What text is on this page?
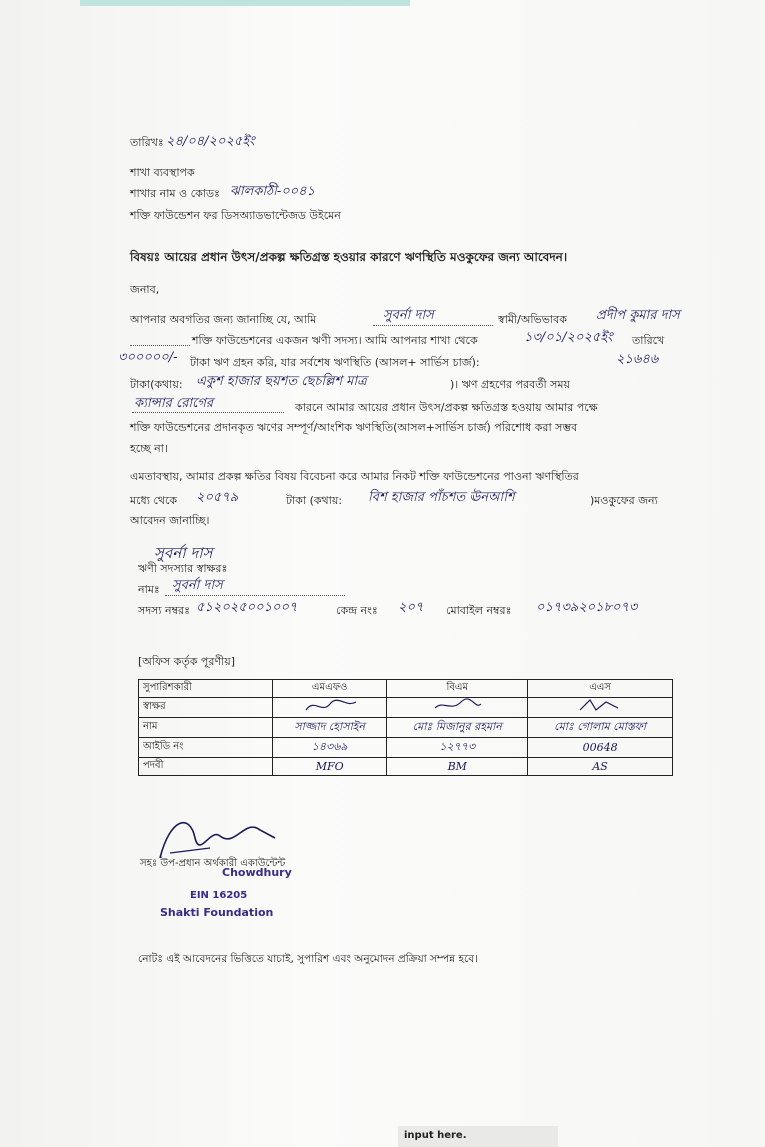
তারিখঃ ২৪/০৪/২০২৫ইং
শাখা ব্যবস্থাপক
শাখার নাম ও কোডঃ ঝালকাঠী-০০৪১
শক্তি ফাউন্ডেশন ফর ডিসঅ্যাডভান্টেজড উইমেন
বিষয়ঃ আয়ের প্রধান উৎস/প্রকল্প ক্ষতিগ্রস্ত হওয়ার কারণে ঋণস্থিতি মওকুফের জন্য আবেদন।
জনাব,
আপনার অবগতির জন্য জানাচ্ছি যে, আমি	সুবর্না দাস	স্বামী/অভিভাবক প্রদীপ কুমার দাস
শক্তি ফাউন্ডেশনের একজন ঋণী সদস্য। আমি আপনার শাখা থেকে	১৩/০১/২০২৫ইং তারিখে
৩০০০০০/- টাকা ঋণ গ্রহন করি, যার সর্বশেষ ঋণস্থিতি (আসল+ সার্ভিস চার্জ):	২১৬৪৬
টাকা(কথায়: একুশ হাজার ছয়শত ছেচল্লিশ মাত্র	)। ঋণ গ্রহণের পরবর্তী সময়
ক্যান্সার রোগের	কারনে আমার আয়ের প্রধান উৎস/প্রকল্প ক্ষতিগ্রস্ত হওয়ায় আমার পক্ষে
শক্তি ফাউন্ডেশনের প্রদানকৃত ঋণের সম্পূর্ণ/আংশিক ঋণস্থিতি(আসল+সার্ভিস চার্জ) পরিশোধ করা সম্ভব
হচ্ছে না।
এমতাবস্থায়, আমার প্রকল্প ক্ষতির বিষয় বিবেচনা করে আমার নিকট শক্তি ফাউন্ডেশনের পাওনা ঋণস্থিতির
মধ্যে থেকে ২০৫৭৯	টাকা (কথায়: বিশ হাজার পাঁচশত ঊনআশি	)মওকুফের জন্য
আবেদন জানাচ্ছি।
সুবর্না দাস
ঋণী সদস্যার স্বাক্ষরঃ
নামঃ সুবর্না দাস
সদস্য নম্বরঃ ৫১২০২৫০০১০০৭	কেন্দ্র নংঃ ২০৭ মোবাইল নম্বরঃ ০১৭৩৯২০১৮০৭৩
[অফিস কর্তৃক পূরণীয়]
সুপারিশকারী	এমএফও	বিএম	এএস
স্বাক্ষর			
নাম	সাজ্জাদ হোসাইন	মোঃ মিজানুর রহমান	মোঃ গোলাম মোস্তফা
আইডি নং	১৪৩৬৯	১২৭৭৩	00648
পদবী	MFO	BM	AS
সহঃ উপ-প্রধান অর্থকারী একাউন্টেন্ট
Chowdhury
EIN 16205
Shakti Foundation
নোটঃ এই আবেদনের ভিত্তিতে যাচাই, সুপারিশ এবং অনুমোদন প্রক্রিয়া সম্পন্ন হবে।
input here.
